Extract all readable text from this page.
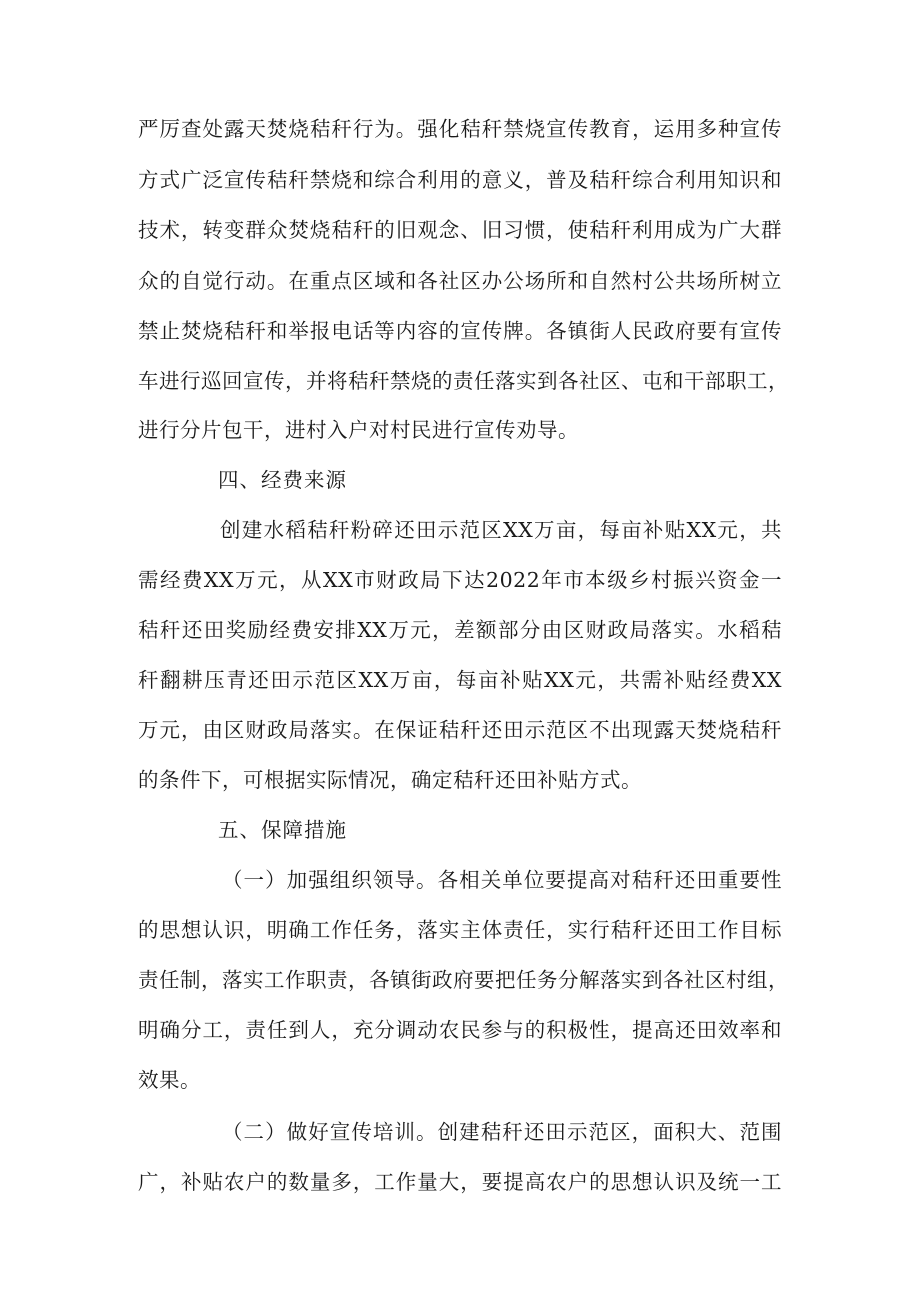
严厉查处露天焚烧秸秆行为。强化秸秆禁烧宣传教育，运用多种宣传
方式广泛宣传秸秆禁烧和综合利用的意义，普及秸秆综合利用知识和
技术，转变群众焚烧秸秆的旧观念、旧习惯，使秸秆利用成为广大群
众的自觉行动。在重点区域和各社区办公场所和自然村公共场所树立
禁止焚烧秸秆和举报电话等内容的宣传牌。各镇街人民政府要有宣传
车进行巡回宣传，并将秸秆禁烧的责任落实到各社区、屯和干部职工，
进行分片包干，进村入户对村民进行宣传劝导。
四、经费来源
创建水稻秸秆粉碎还田示范区XX万亩，每亩补贴XX元，共
需经费XX万元，从XX市财政局下达2022年市本级乡村振兴资金一
秸秆还田奖励经费安排XX万元，差额部分由区财政局落实。水稻秸
秆翻耕压青还田示范区XX万亩，每亩补贴XX元，共需补贴经费XX
万元，由区财政局落实。在保证秸秆还田示范区不出现露天焚烧秸秆
的条件下，可根据实际情况，确定秸秆还田补贴方式。
五、保障措施
（一）加强组织领导。各相关单位要提高对秸秆还田重要性
的思想认识，明确工作任务，落实主体责任，实行秸秆还田工作目标
责任制，落实工作职责，各镇街政府要把任务分解落实到各社区村组，
明确分工，责任到人，充分调动农民参与的积极性，提高还田效率和
效果。
（二）做好宣传培训。创建秸秆还田示范区，面积大、范围
广，补贴农户的数量多，工作量大，要提高农户的思想认识及统一工
